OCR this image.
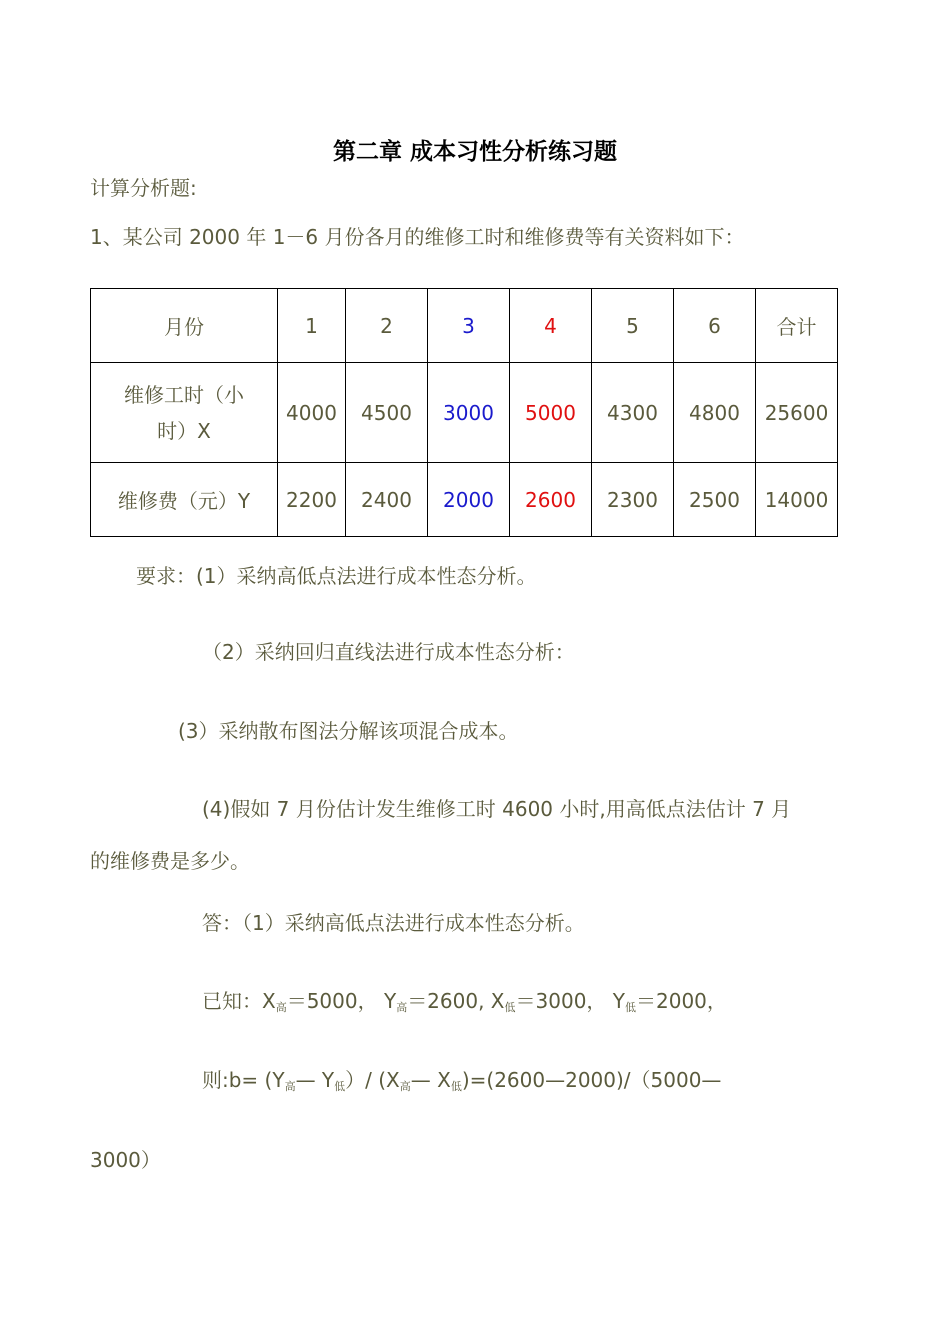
第二章 成本习性分析练习题
计算分析题:
1、某公司 2000 年 1－6 月份各月的维修工时和维修费等有关资料如下：
月份	1	2	3	4	5	6	合计

维修工时（小
时）X	4000	4500	3000	5000	4300	4800	25600
维修费（元）Y	2200	2400	2000	2600	2300	2500	14000
要求：(1）采纳高低点法进行成本性态分析。
（2）采纳回归直线法进行成本性态分析：
(3）采纳散布图法分解该项混合成本。
(4)假如 7 月份估计发生维修工时 4600 小时,用高低点法估计 7 月
的维修费是多少。
答：（1）采纳高低点法进行成本性态分析。
已知：$X_高=5000$， $Y_高=2600$, $X_低=3000$， $Y_低=2000$，
则:b= ($Y_高—$ $Y_低)/$ ($X_高—$ $X_低)=(2600—2000)/(5000—$
3000）
